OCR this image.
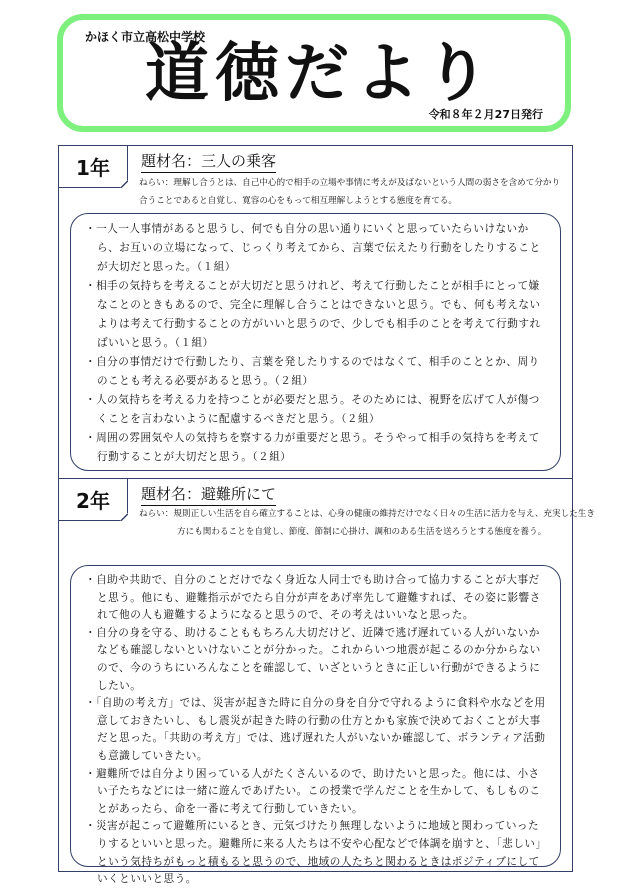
かほく市立高松中学校
道徳だより
令和８年２月27日発行
1年	題材名：三人の乗客
ねらい：理解し合うとは、自己中心的で相手の立場や事情に考えが及ばないという人間の弱さを含めて分かり合うことであると自覚し、寛容の心をもって相互理解しようとする態度を育てる。
・一人一人事情があると思うし、何でも自分の思い通りにいくと思っていたらいけないから、お互いの立場になって、じっくり考えてから、言葉で伝えたり行動をしたりすることが大切だと思った。（１組）
・相手の気持ちを考えることが大切だと思うけれど、考えて行動したことが相手にとって嫌なことのときもあるので、完全に理解し合うことはできないと思う。でも、何も考えないよりは考えて行動することの方がいいと思うので、少しでも相手のことを考えて行動すればいいと思う。（１組）
・自分の事情だけで行動したり、言葉を発したりするのではなくて、相手のこととか、周りのことも考える必要があると思う。（２組）
・人の気持ちを考える力を持つことが必要だと思う。そのためには、視野を広げて人が傷つくことを言わないように配慮するべきだと思う。（２組）
・周囲の雰囲気や人の気持ちを察する力が重要だと思う。そうやって相手の気持ちを考えて行動することが大切だと思う。（２組）
2年	題材名：避難所にて
ねらい：規則正しい生活を自ら確立することは、心身の健康の維持だけでなく日々の生活に活力を与え、充実した生き方にも関わることを自覚し、節度、節制に心掛け、調和のある生活を送ろうとする態度を養う。
・自助や共助で、自分のことだけでなく身近な人同士でも助け合って協力することが大事だと思う。他にも、避難指示がでたら自分が声をあげ率先して避難すれば、その姿に影響されて他の人も避難するようになると思うので、その考えはいいなと思った。
・自分の身を守る、助けることももちろん大切だけど、近隣で逃げ遅れている人がいないかなども確認しないといけないことが分かった。これからいつ地震が起こるのか分からないので、今のうちにいろんなことを確認して、いざというときに正しい行動ができるようにしたい。
・「自助の考え方」では、災害が起きた時に自分の身を自分で守れるように食料や水などを用意しておきたいし、もし震災が起きた時の行動の仕方とかも家族で決めておくことが大事だと思った。「共助の考え方」では、逃げ遅れた人がいないか確認して、ボランティア活動も意識していきたい。
・避難所では自分より困っている人がたくさんいるので、助けたいと思った。他には、小さい子たちなどには一緒に遊んであげたい。この授業で学んだことを生かして、もしものことがあったら、命を一番に考えて行動していきたい。
・災害が起こって避難所にいるとき、元気づけたり無理しないように地域と関わっていったりするといいと思った。避難所に来る人たちは不安や心配などで体調を崩すと、「悲しい」という気持ちがもっと積もると思うので、地域の人たちと関わるときはポジティブにしていくといいと思う。
